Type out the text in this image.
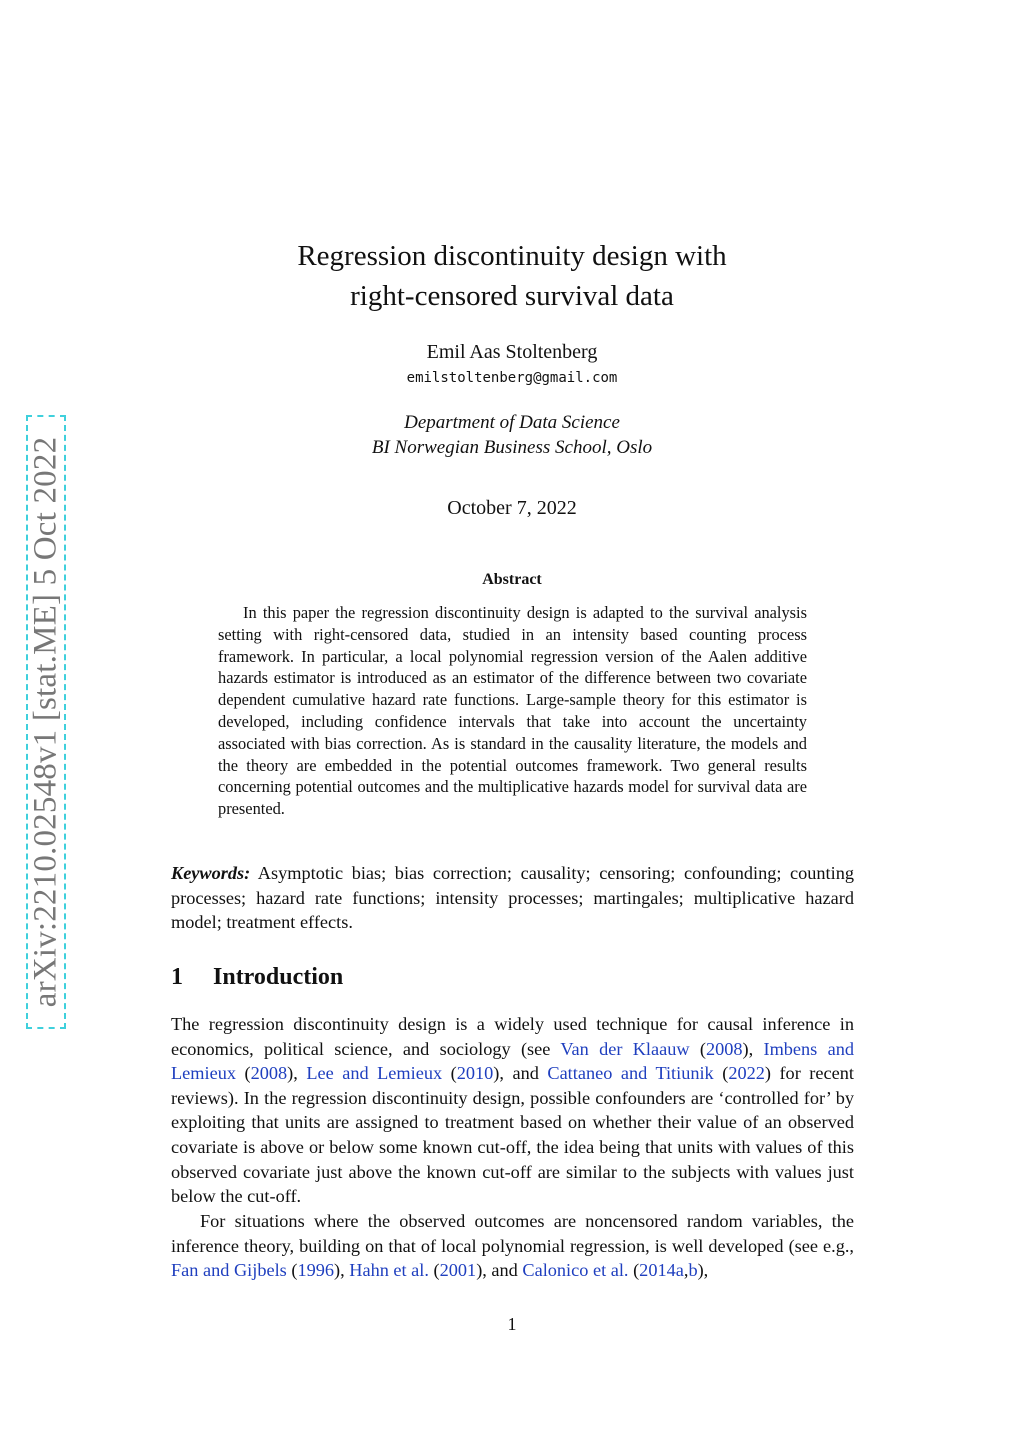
arXiv:2210.02548v1 [stat.ME] 5 Oct 2022
Regression discontinuity design with
right-censored survival data
Emil Aas Stoltenberg
emilstoltenberg@gmail.com
Department of Data Science
BI Norwegian Business School, Oslo
October 7, 2022
Abstract

In this paper the regression discontinuity design is adapted to the survival analysis setting with right-censored data, studied in an intensity based counting process framework. In particular, a local polynomial regression version of the Aalen additive hazards estimator is introduced as an estimator of the difference between two covariate dependent cumulative hazard rate functions. Large-sample theory for this estimator is developed, including confidence intervals that take into account the uncertainty associated with bias correction. As is standard in the causality literature, the models and the theory are embedded in the potential outcomes framework. Two general results concerning potential outcomes and the multiplicative hazards model for survival data are presented.

Keywords: Asymptotic bias; bias correction; causality; censoring; confounding; counting processes; hazard rate functions; intensity processes; martingales; multiplicative hazard model; treatment effects.

1 Introduction

The regression discontinuity design is a widely used technique for causal inference in economics, political science, and sociology (see Van der Klaauw (2008), Imbens and Lemieux (2008), Lee and Lemieux (2010), and Cattaneo and Titiunik (2022) for recent reviews). In the regression discontinuity design, possible confounders are ‘controlled for’ by exploiting that units are assigned to treatment based on whether their value of an observed covariate is above or below some known cut-off, the idea being that units with values of this observed covariate just above the known cut-off are similar to the subjects with values just below the cut-off.

For situations where the observed outcomes are noncensored random variables, the inference theory, building on that of local polynomial regression, is well developed (see e.g., Fan and Gijbels (1996), Hahn et al. (2001), and Calonico et al. (2014a,b),

1
